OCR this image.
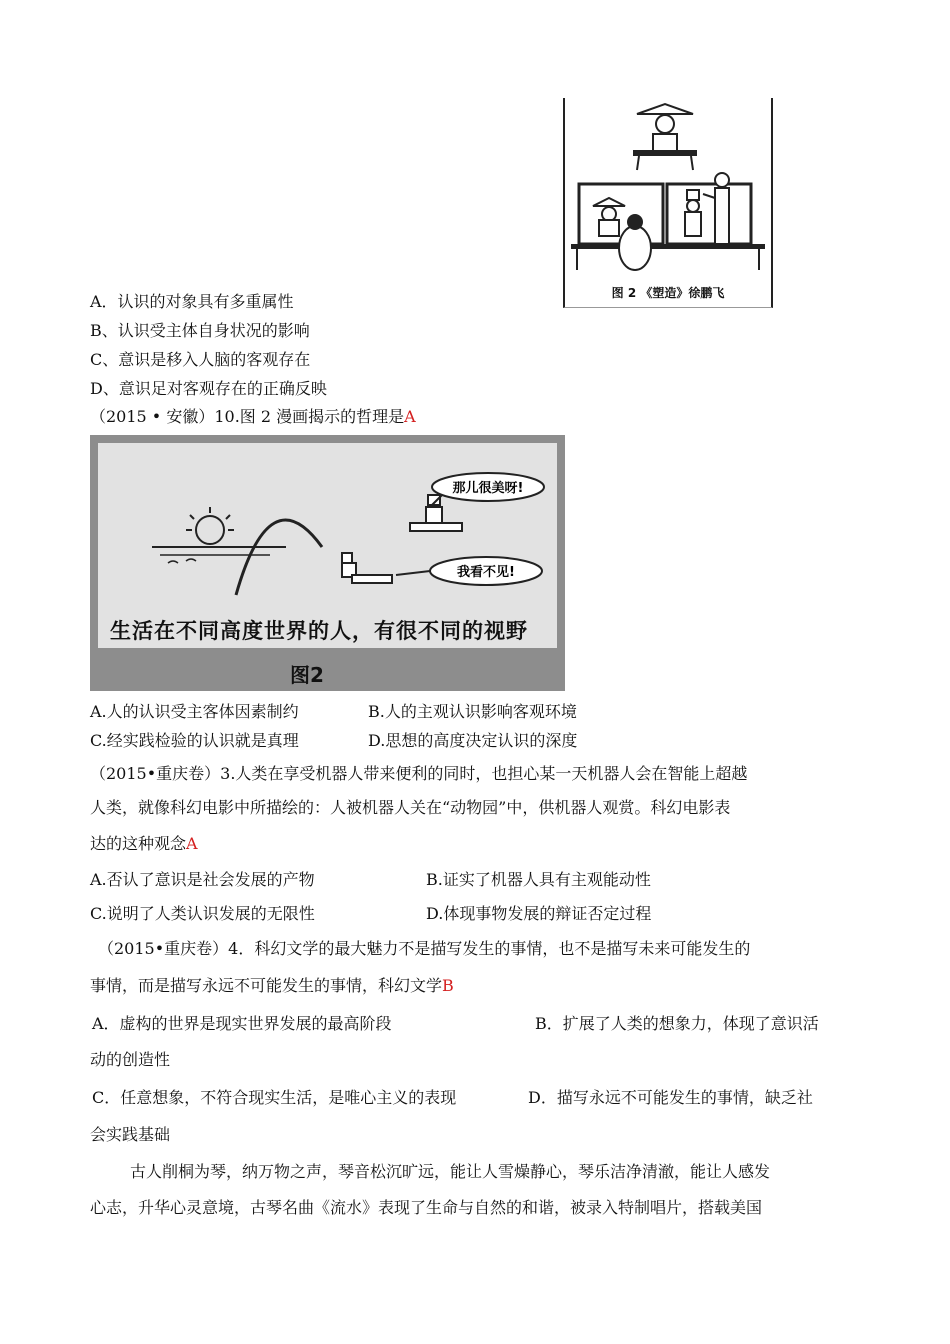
图 2 《塑造》徐鹏飞
A．认识的对象具有多重属性
B、认识受主体自身状况的影响
C、意识是移入人脑的客观存在
D、意识足对客观存在的正确反映
（2015 • 安徽）10.图 2 漫画揭示的哲理是A
那儿很美呀!
我看不见!
生活在不同高度世界的人，有很不同的视野
图2
A.人的认识受主客体因素制约	B.人的主观认识影响客观环境
C.经实践检验的认识就是真理	D.思想的高度决定认识的深度
（2015•重庆卷）3.人类在享受机器人带来便利的同时，也担心某一天机器人会在智能上超越
人类，就像科幻电影中所描绘的：人被机器人关在“动物园”中，供机器人观赏。科幻电影表
达的这种观念A
A.否认了意识是社会发展的产物	B.证实了机器人具有主观能动性
C.说明了人类认识发展的无限性	D.体现事物发展的辩证否定过程
（2015•重庆卷）4．科幻文学的最大魅力不是描写发生的事情，也不是描写未来可能发生的
事情，而是描写永远不可能发生的事情，科幻文学B
A．虚构的世界是现实世界发展的最高阶段	B．扩展了人类的想象力，体现了意识活
动的创造性
C．任意想象，不符合现实生活，是唯心主义的表现	D．描写永远不可能发生的事情，缺乏社
会实践基础
古人削桐为琴，纳万物之声，琴音松沉旷远，能让人雪燥静心，琴乐洁净清澈，能让人感发
心志，升华心灵意境，古琴名曲《流水》表现了生命与自然的和谐，被录入特制唱片，搭载美国
